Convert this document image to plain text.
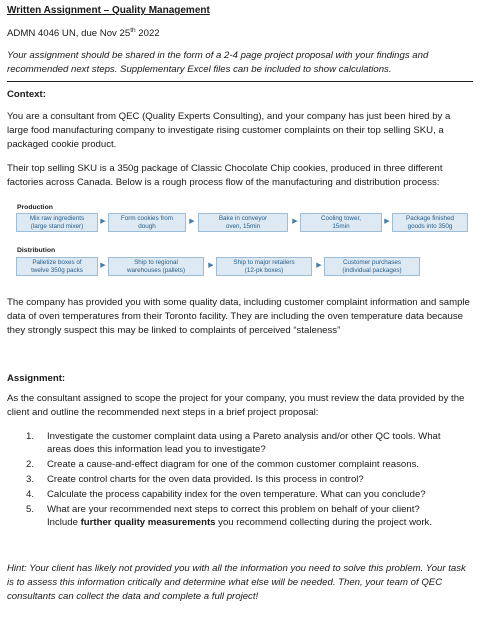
Written Assignment – Quality Management
ADMN 4046 UN, due Nov 25th 2022
Your assignment should be shared in the form of a 2-4 page project proposal with your findings and recommended next steps. Supplementary Excel files can be included to show calculations.
Context:
You are a consultant from QEC (Quality Experts Consulting), and your company has just been hired by a large food manufacturing company to investigate rising customer complaints on their top selling SKU, a packaged cookie product.
Their top selling SKU is a 350g package of Classic Chocolate Chip cookies, produced in three different factories across Canada. Below is a rough process flow of the manufacturing and distribution process:
Production
Mix raw ingredients
(large stand mixer)
▶	Form cookies from
dough
▶	Bake in conveyor
oven, 15min
▶	Cooling tower,
15min
▶	Package finished
goods into 350g
Distribution
Palletize boxes of
twelve 350g packs
▶	Ship to regional
warehouses (pallets)
▶	Ship to major retailers
(12-pk boxes)
▶	Customer purchases
(individual packages)
The company has provided you with some quality data, including customer complaint information and sample data of oven temperatures from their Toronto facility. They are including the oven temperature data because they strongly suspect this may be linked to complaints of perceived “staleness”
Assignment:
As the consultant assigned to scope the project for your company, you must review the data provided by the client and outline the recommended next steps in a brief project proposal:
1. Investigate the customer complaint data using a Pareto analysis and/or other QC tools. What areas does this information lead you to investigate?
2. Create a cause-and-effect diagram for one of the common customer complaint reasons.
3. Create control charts for the oven data provided. Is this process in control?
4. Calculate the process capability index for the oven temperature. What can you conclude?
5. What are your recommended next steps to correct this problem on behalf of your client?
Include further quality measurements you recommend collecting during the project work.
Hint: Your client has likely not provided you with all the information you need to solve this problem. Your task is to assess this information critically and determine what else will be needed. Then, your team of QEC consultants can collect the data and complete a full project!
